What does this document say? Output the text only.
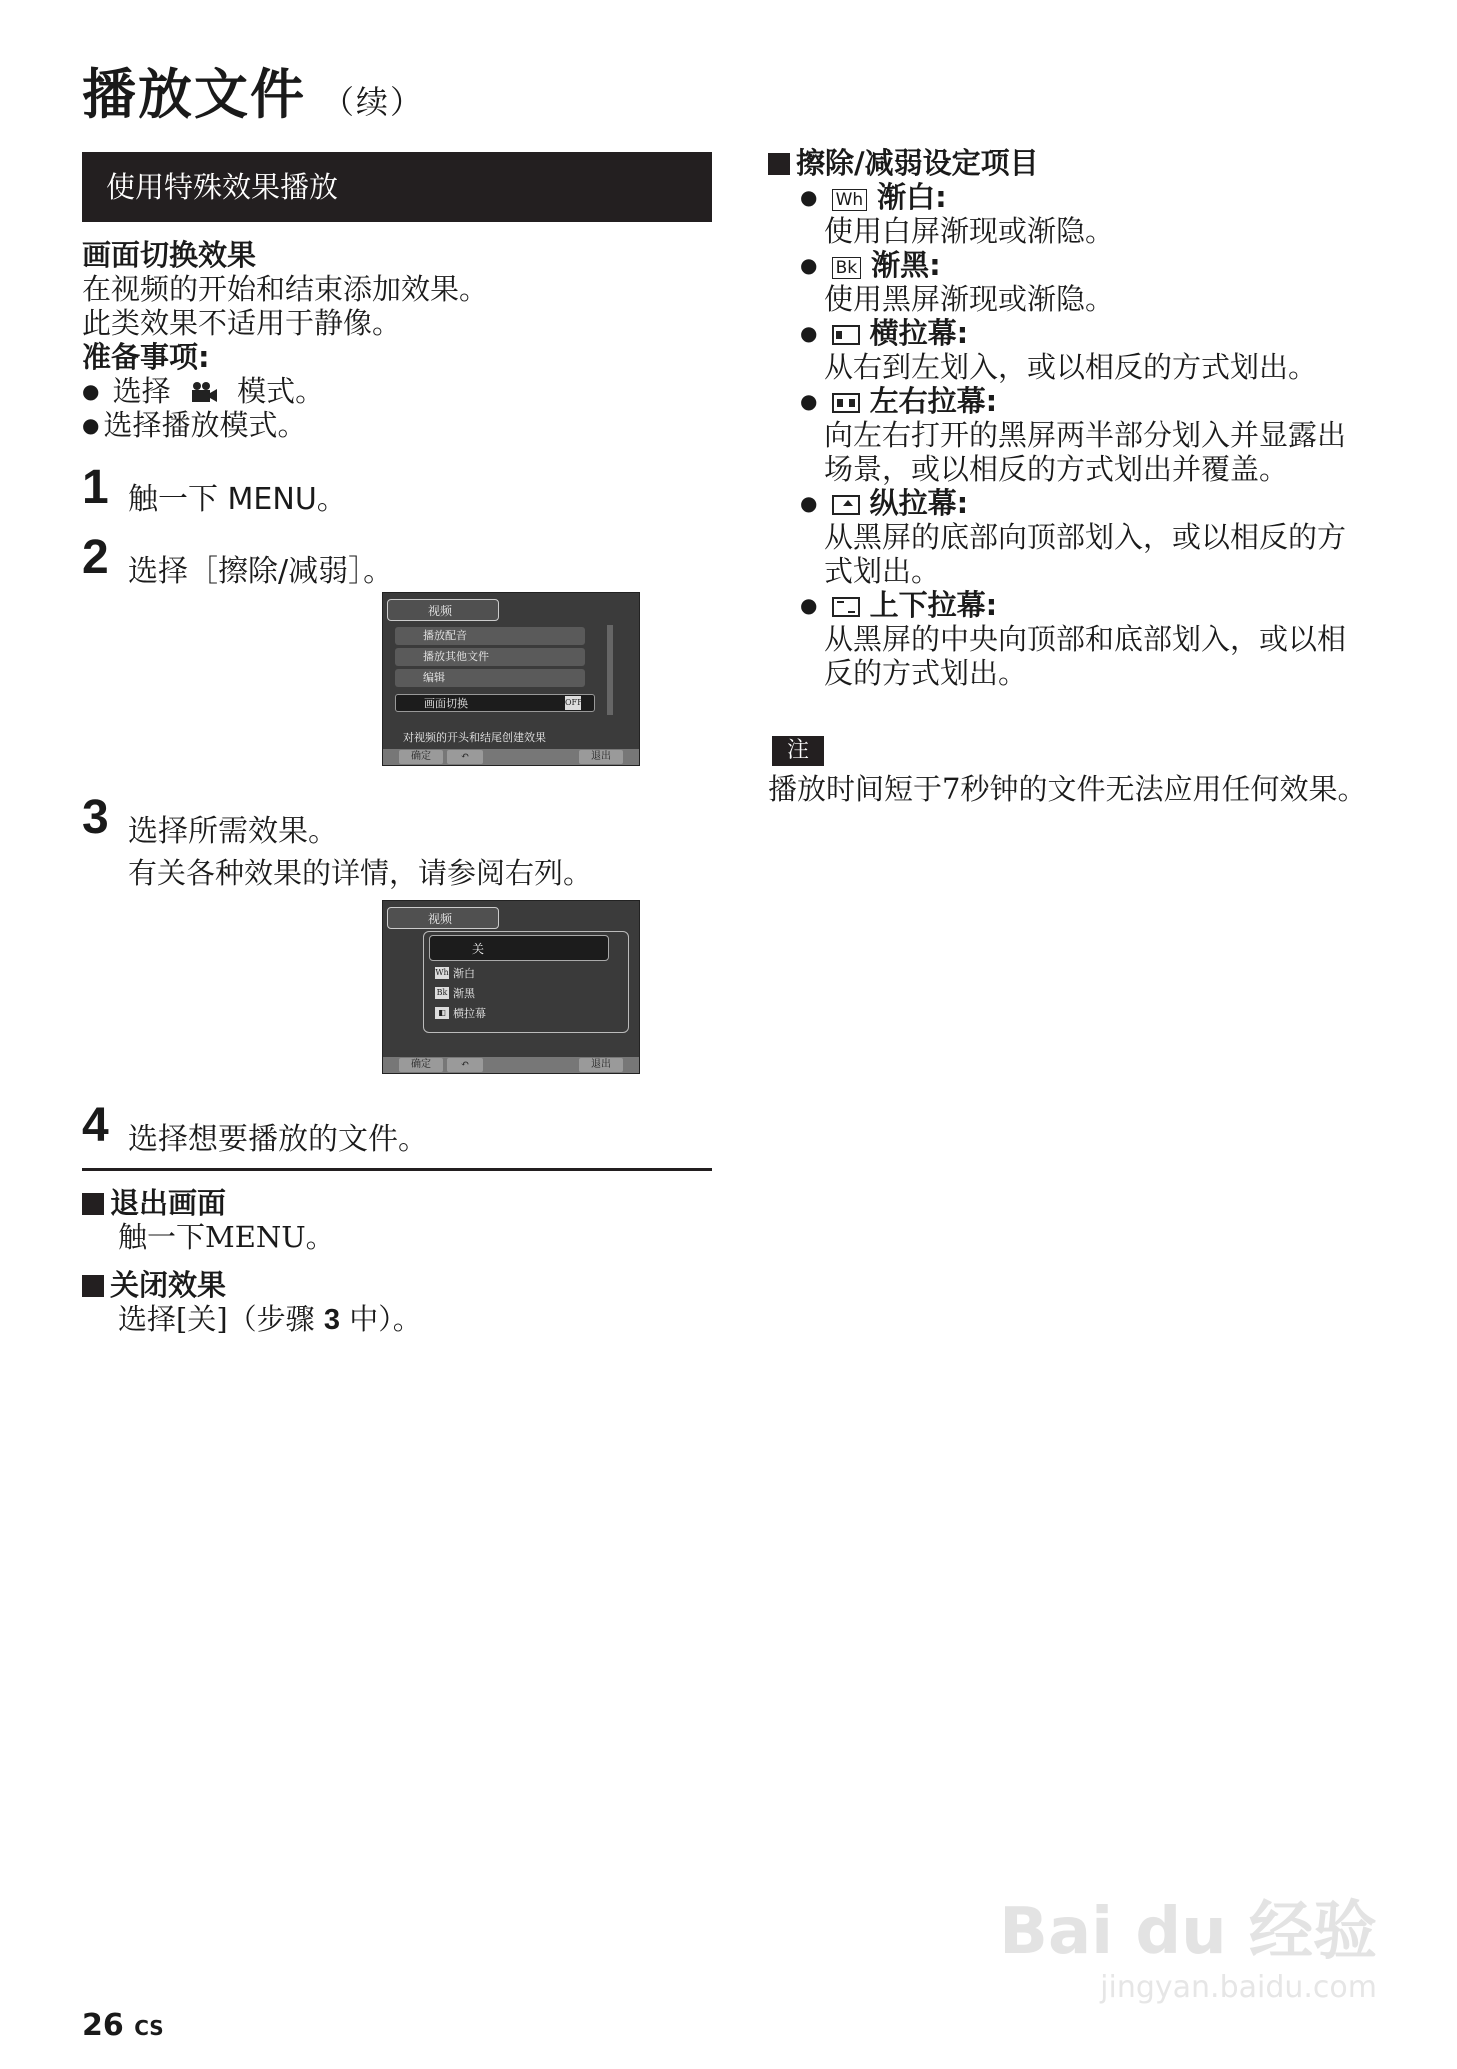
播放文件 （续）
使用特殊效果播放
画面切换效果
在视频的开始和结束添加效果。
此类效果不适用于静像。
准备事项:
● 选择 模式。
● 选择播放模式。
1 触一下 MENU。
2 选择［擦除/减弱］。
视频
播放配音
播放其他文件
编辑
画面切换	OFF
对视频的开头和结尾创建效果
确定	↶	退出
3 选择所需效果。
有关各种效果的详情，请参阅右列。
视频
关
渐白
渐黑
横拉幕
Wh
Bk
◧
确定	↶	退出
4 选择想要播放的文件。
退出画面
触一下MENU。
关闭效果
选择[关]（步骤 3 中）。
擦除/减弱设定项目
● Wh 渐白:
使用白屏渐现或渐隐。
● Bk 渐黑:
使用黑屏渐现或渐隐。

● 横拉幕:
从右到左划入，或以相反的方式划出。

● 左右拉幕:
向左右打开的黑屏两半部分划入并显露出
场景，或以相反的方式划出并覆盖。

● 纵拉幕:
从黑屏的底部向顶部划入，或以相反的方
式划出。

● 上下拉幕:
从黑屏的中央向顶部和底部划入，或以相
反的方式划出。
注
播放时间短于7秒钟的文件无法应用任何效果。
26 CS
Bai du 经验
jingyan.baidu.com
